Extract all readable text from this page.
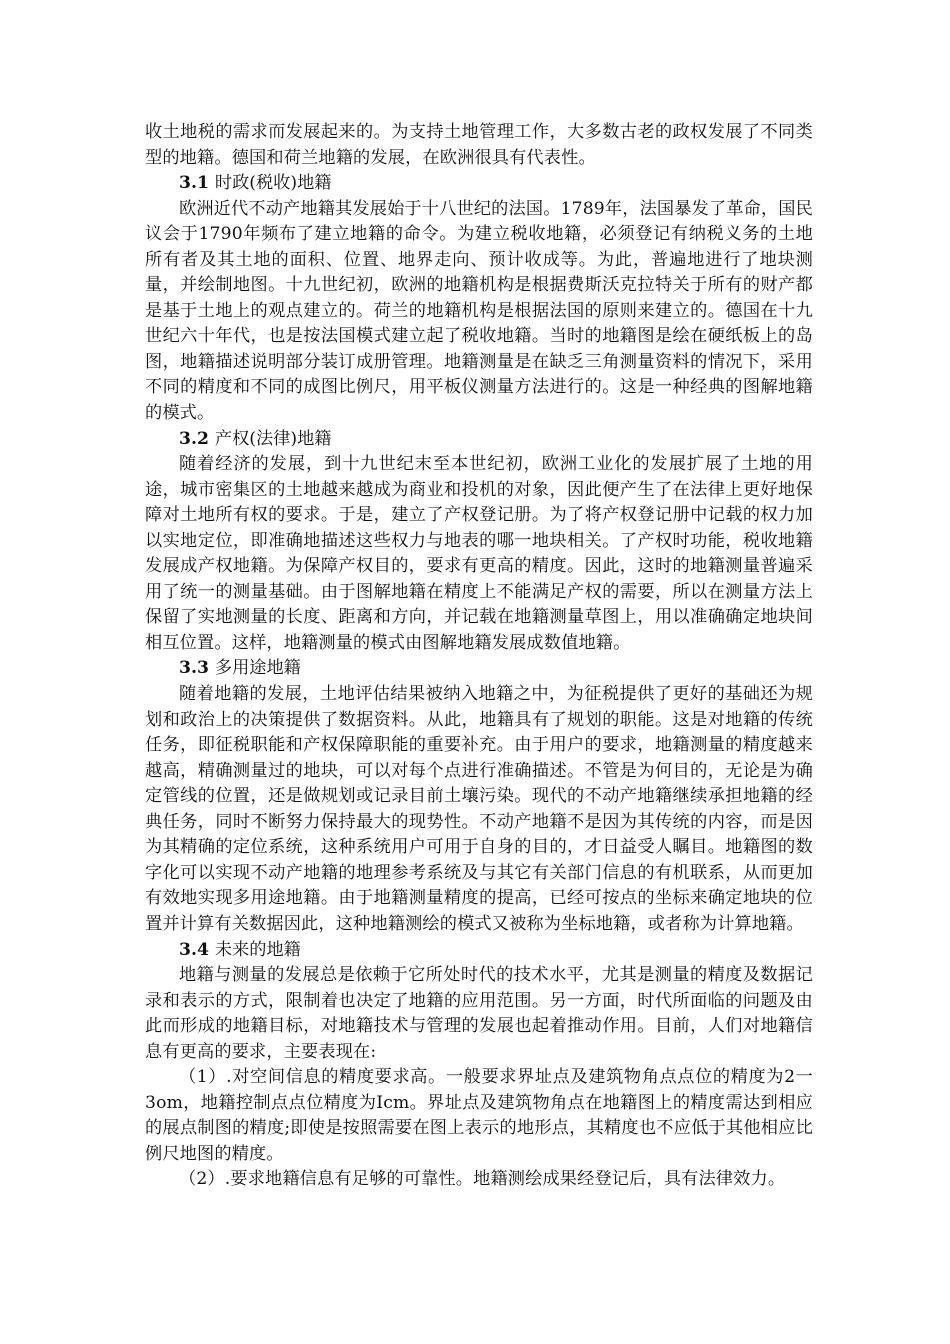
收土地税的需求而发展起来的。为支持土地管理工作，大多数古老的政权发展了不同类型的地籍。德国和荷兰地籍的发展，在欧洲很具有代表性。

3.1 时政(税收)地籍

欧洲近代不动产地籍其发展始于十八世纪的法国。1789年，法国暴发了革命，国民议会于1790年频布了建立地籍的命令。为建立税收地籍，必须登记有纳税义务的土地所有者及其土地的面积、位置、地界走向、预计收成等。为此，普遍地进行了地块测量，并绘制地图。十九世纪初，欧洲的地籍机构是根据费斯沃克拉特关于所有的财产都是基于土地上的观点建立的。荷兰的地籍机构是根据法国的原则来建立的。德国在十九世纪六十年代，也是按法国模式建立起了税收地籍。当时的地籍图是绘在硬纸板上的岛图，地籍描述说明部分装订成册管理。地籍测量是在缺乏三角测量资料的情况下，采用不同的精度和不同的成图比例尺，用平板仪测量方法进行的。这是一种经典的图解地籍的模式。

3.2 产权(法律)地籍

随着经济的发展，到十九世纪末至本世纪初，欧洲工业化的发展扩展了土地的用途，城市密集区的土地越来越成为商业和投机的对象，因此便产生了在法律上更好地保障对土地所有权的要求。于是，建立了产权登记册。为了将产权登记册中记载的权力加以实地定位，即准确地描述这些权力与地表的哪一地块相关。了产权时功能，税收地籍发展成产权地籍。为保障产权目的，要求有更高的精度。因此，这时的地籍测量普遍采用了统一的测量基础。由于图解地籍在精度上不能满足产权的需要，所以在测量方法上保留了实地测量的长度、距离和方向，并记载在地籍测量草图上，用以准确确定地块间相互位置。这样，地籍测量的模式由图解地籍发展成数值地籍。

3.3 多用途地籍

随着地籍的发展，土地评估结果被纳入地籍之中，为征税提供了更好的基础还为规划和政治上的决策提供了数据资料。从此，地籍具有了规划的职能。这是对地籍的传统任务，即征税职能和产权保障职能的重要补充。由于用户的要求，地籍测量的精度越来越高，精确测量过的地块，可以对每个点进行准确描述。不管是为何目的，无论是为确定管线的位置，还是做规划或记录目前土壤污染。现代的不动产地籍继续承担地籍的经典任务，同时不断努力保持最大的现势性。不动产地籍不是因为其传统的内容，而是因为其精确的定位系统，这种系统用户可用于自身的目的，才日益受人瞩目。地籍图的数字化可以实现不动产地籍的地理参考系统及与其它有关部门信息的有机联系，从而更加有效地实现多用途地籍。由于地籍测量精度的提高，已经可按点的坐标来确定地块的位置并计算有关数据因此，这种地籍测绘的模式又被称为坐标地籍，或者称为计算地籍。

3.4 未来的地籍

地籍与测量的发展总是依赖于它所处时代的技术水平，尤其是测量的精度及数据记录和表示的方式，限制着也决定了地籍的应用范围。另一方面，时代所面临的问题及由此而形成的地籍目标，对地籍技术与管理的发展也起着推动作用。目前，人们对地籍信息有更高的要求，主要表现在:

（1）.对空间信息的精度要求高。一般要求界址点及建筑物角点点位的精度为2一3om，地籍控制点点位精度为Icm。界址点及建筑物角点在地籍图上的精度需达到相应的展点制图的精度;即使是按照需要在图上表示的地形点，其精度也不应低于其他相应比例尺地图的精度。

（2）.要求地籍信息有足够的可靠性。地籍测绘成果经登记后，具有法律效力。
